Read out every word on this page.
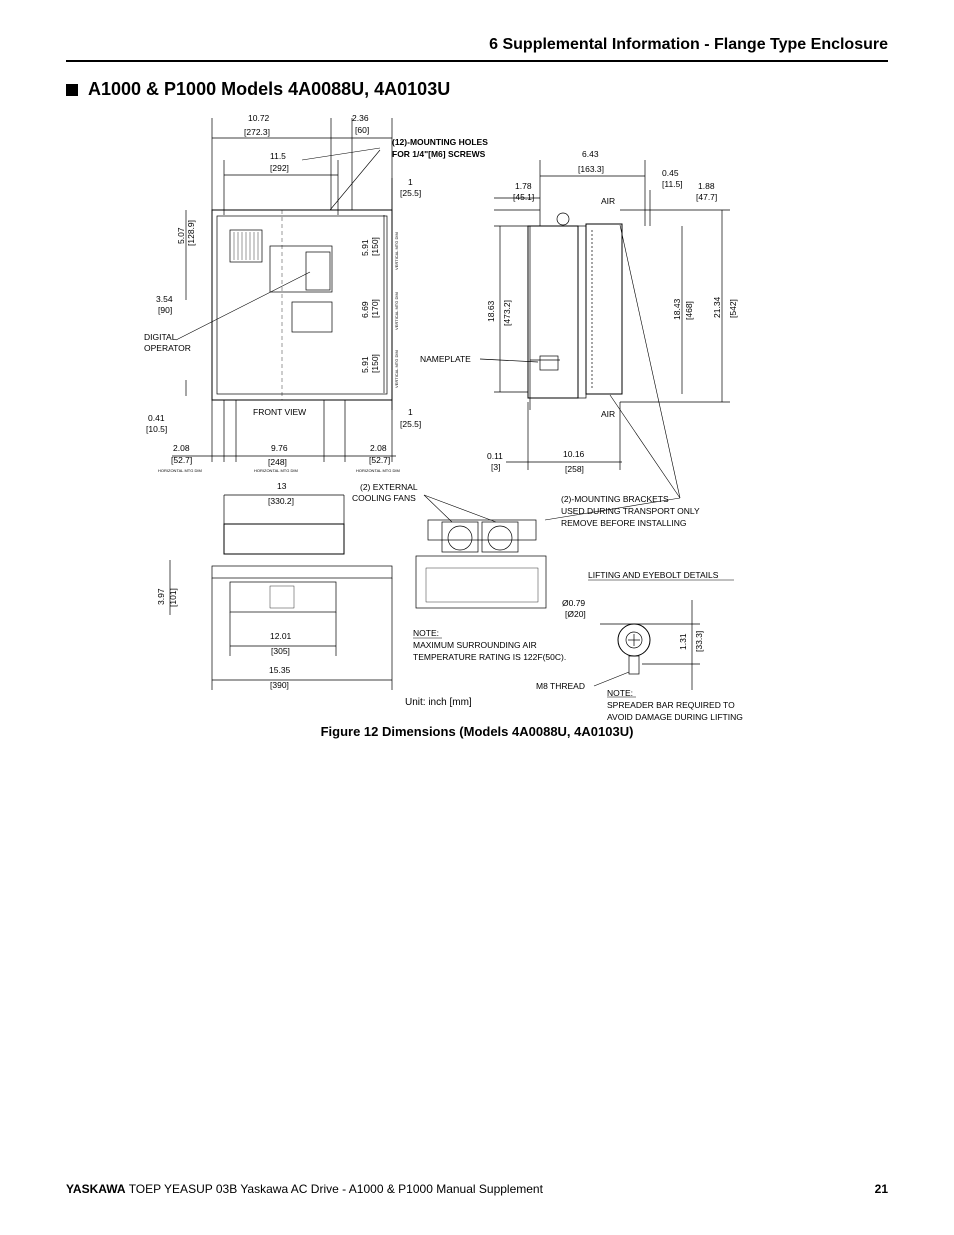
6 Supplemental Information - Flange Type Enclosure
A1000 & P1000 Models 4A0088U, 4A0103U
10.72
[272.3]
2.36
[60]
11.5
[292]
(12)-MOUNTING HOLES
FOR 1/4"[M6] SCREWS
1
[25.5]
5.07 [128.9]
3.54
[90]
DIGITAL
OPERATOR
5.91 [150]
6.69 [170]
5.91 [150]
VERTICAL MTG DIM
VERTICAL MTG DIM
VERTICAL MTG DIM
FRONT VIEW
0.41
[10.5]
1
[25.5]
2.08
[52.7]
9.76
[248]
2.08
[52.7]
HORIZONTAL MTG DIM	HORIZONTAL MTG DIM	HORIZONTAL MTG DIM
6.43
[163.3]	0.45
[11.5]
1.78
[45.1]
1.88
[47.7]
AIR
AIR
18.63 [473.2]	18.43 [468] 21.34 [542]
NAMEPLATE
0.11
[3]
10.16
[258]
13
[330.2]
(2) EXTERNAL
COOLING FANS
3.97 [101]
12.01
[305]
15.35
[390]
Unit: inch [mm]
(2)-MOUNTING BRACKETS
USED DURING TRANSPORT ONLY
REMOVE BEFORE INSTALLING
NOTE:
MAXIMUM SURROUNDING AIR
TEMPERATURE RATING IS 122F(50C).
LIFTING AND EYEBOLT DETAILS
Ø0.79
[Ø20]
1.31 [33.3]
M8 THREAD
NOTE:
SPREADER BAR REQUIRED TO
AVOID DAMAGE DURING LIFTING
Figure 12 Dimensions (Models 4A0088U, 4A0103U)
YASKAWA TOEP YEASUP 03B Yaskawa AC Drive - A1000 & P1000 Manual Supplement	21
